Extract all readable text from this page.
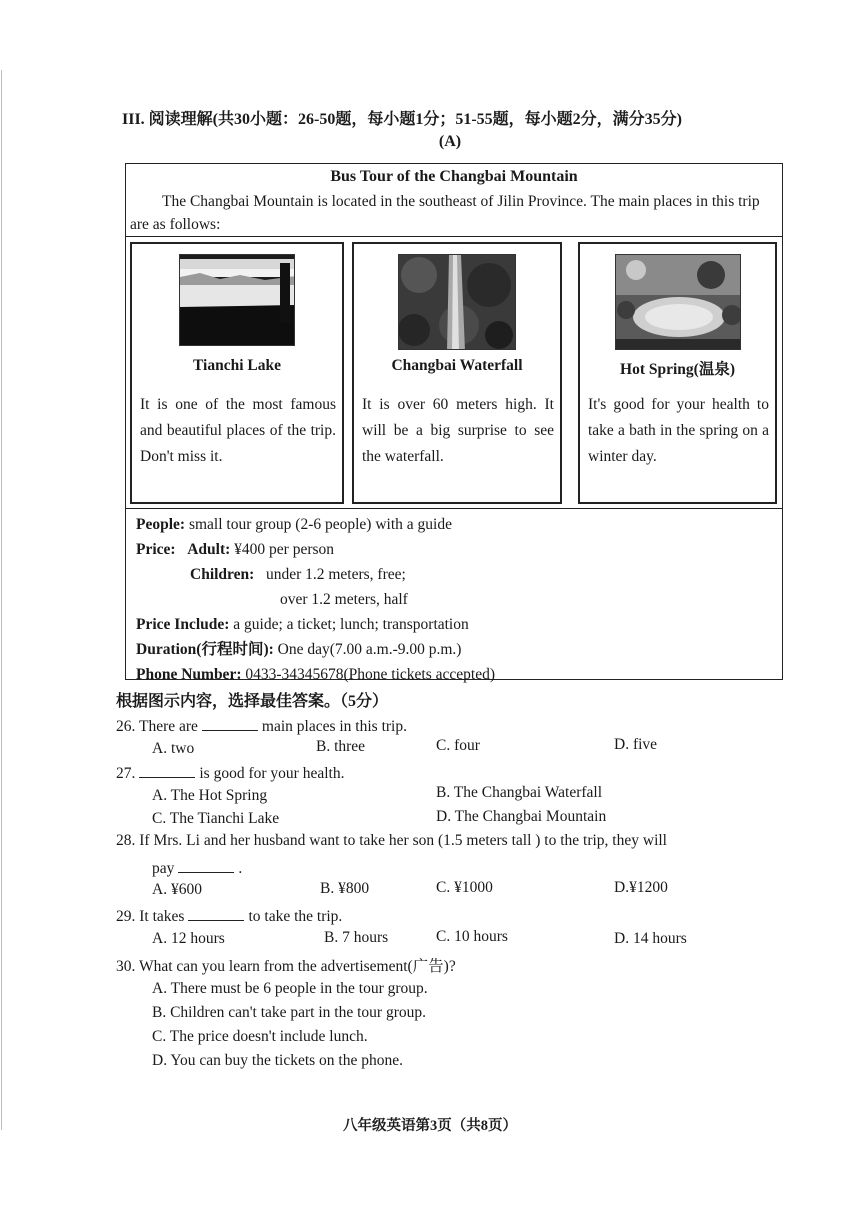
III. 阅读理解(共30小题：26-50题，每小题1分；51-55题，每小题2分，满分35分)
(A)
Bus Tour of the Changbai Mountain
The Changbai Mountain is located in the southeast of Jilin Province. The main places in this trip are as follows:
Tianchi Lake
It is one of the most famous and beautiful places of the trip. Don't miss it.
Changbai Waterfall
It is over 60 meters high. It will be a big surprise to see the waterfall.
Hot Spring(温泉)
It's good for your health to take a bath in the spring on a winter day.
People: small tour group (2-6 people) with a guide
Price: Adult: ¥400 per person
Children: under 1.2 meters, free;
over 1.2 meters, half
Price Include: a guide; a ticket; lunch; transportation
Duration(行程时间): One day(7.00 a.m.-9.00 p.m.)
Phone Number: 0433-34345678(Phone tickets accepted)
根据图示内容，选择最佳答案。（5分）
26. There are	main places in this trip.
A. two	B. three	C. four	D. five
27.	is good for your health.
A. The Hot Spring	B. The Changbai Waterfall
C. The Tianchi Lake	D. The Changbai Mountain
28. If Mrs. Li and her husband want to take her son (1.5 meters tall ) to the trip, they will
pay	.
A. ¥600	B. ¥800	C. ¥1000	D.¥1200
29. It takes	to take the trip.
A. 12 hours	B. 7 hours	C. 10 hours	D. 14 hours
30. What can you learn from the advertisement(广告)?
A. There must be 6 people in the tour group.
B. Children can't take part in the tour group.
C. The price doesn't include lunch.
D. You can buy the tickets on the phone.
八年级英语第3页（共8页）
